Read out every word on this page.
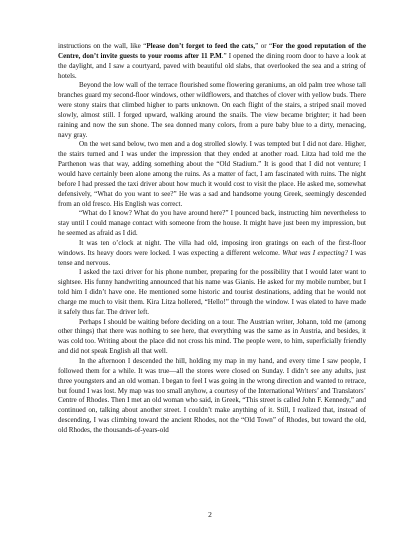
instructions on the wall, like “Please don’t forget to feed the cats,” or “For the good reputation of the Centre, don’t invite guests to your rooms after 11 P.M.” I opened the dining room door to have a look at the daylight, and I saw a courtyard, paved with beautiful old slabs, that overlooked the sea and a string of hotels.

Beyond the low wall of the terrace flourished some flowering geraniums, an old palm tree whose tall branches guard my second-floor windows, other wildflowers, and thatches of clover with yellow buds. There were stony stairs that climbed higher to parts unknown. On each flight of the stairs, a striped snail moved slowly, almost still. I forged upward, walking around the snails. The view became brighter; it had been raining and now the sun shone. The sea donned many colors, from a pure baby blue to a dirty, menacing, navy gray.

On the wet sand below, two men and a dog strolled slowly. I was tempted but I did not dare. Higher, the stairs turned and I was under the impression that they ended at another road. Litza had told me the Parthenon was that way, adding something about the “Old Stadium.” It is good that I did not venture; I would have certainly been alone among the ruins. As a matter of fact, I am fascinated with ruins. The night before I had pressed the taxi driver about how much it would cost to visit the place. He asked me, somewhat defensively, “What do you want to see?” He was a sad and handsome young Greek, seemingly descended from an old fresco. His English was correct.

“What do I know? What do you have around here?” I pounced back, instructing him nevertheless to stay until I could manage contact with someone from the house. It might have just been my impression, but he seemed as afraid as I did.

It was ten o’clock at night. The villa had old, imposing iron gratings on each of the first-floor windows. Its heavy doors were locked. I was expecting a different welcome. What was I expecting? I was tense and nervous.

I asked the taxi driver for his phone number, preparing for the possibility that I would later want to sightsee. His funny handwriting announced that his name was Gianis. He asked for my mobile number, but I told him I didn’t have one. He mentioned some historic and tourist destinations, adding that he would not charge me much to visit them. Kira Litza hollered, “Hello!” through the window. I was elated to have made it safely thus far. The driver left.

Perhaps I should be waiting before deciding on a tour. The Austrian writer, Johann, told me (among other things) that there was nothing to see here, that everything was the same as in Austria, and besides, it was cold too. Writing about the place did not cross his mind. The people were, to him, superficially friendly and did not speak English all that well.

In the afternoon I descended the hill, holding my map in my hand, and every time I saw people, I followed them for a while. It was true—all the stores were closed on Sunday. I didn’t see any adults, just three youngsters and an old woman. I began to feel I was going in the wrong direction and wanted to retrace, but found I was lost. My map was too small anyhow, a courtesy of the International Writers’ and Translators’ Centre of Rhodes. Then I met an old woman who said, in Greek, “This street is called John F. Kennedy,” and continued on, talking about another street. I couldn’t make anything of it. Still, I realized that, instead of descending, I was climbing toward the ancient Rhodes, not the “Old Town” of Rhodes, but toward the old, old Rhodes, the thousands-of-years-old

2
